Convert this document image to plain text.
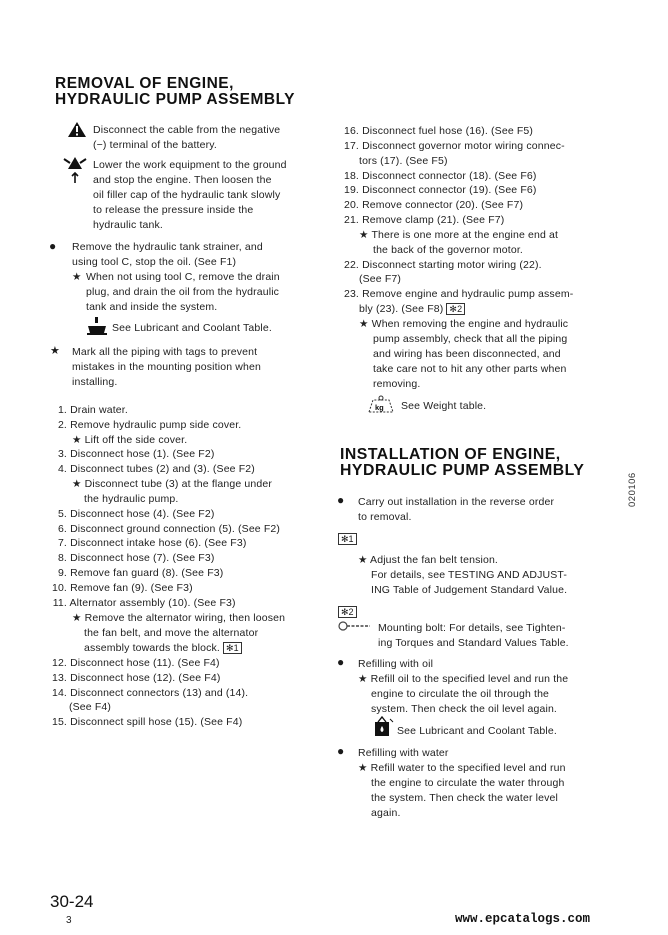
REMOVAL OF ENGINE,
HYDRAULIC PUMP ASSEMBLY
Disconnect the cable from the negative
(−) terminal of the battery.
Lower the work equipment to the ground
and stop the engine. Then loosen the
oil filler cap of the hydraulic tank slowly
to release the pressure inside the
hydraulic tank.
● Remove the hydraulic tank strainer, and
using tool C, stop the oil. (See F1)
★ When not using tool C, remove the drain
plug, and drain the oil from the hydraulic
tank and inside the system.
See Lubricant and Coolant Table.
★ Mark all the piping with tags to prevent
mistakes in the mounting position when
installing.
1. Drain water.
2. Remove hydraulic pump side cover.
★ Lift off the side cover.
3. Disconnect hose (1). (See F2)
4. Disconnect tubes (2) and (3). (See F2)
★ Disconnect tube (3) at the flange under
the hydraulic pump.
5. Disconnect hose (4). (See F2)
6. Disconnect ground connection (5). (See F2)
7. Disconnect intake hose (6). (See F3)
8. Disconnect hose (7). (See F3)
9. Remove fan guard (8). (See F3)
10. Remove fan (9). (See F3)
11. Alternator assembly (10). (See F3)
★ Remove the alternator wiring, then loosen
the fan belt, and move the alternator
assembly towards the block. ✻1
12. Disconnect hose (11). (See F4)
13. Disconnect hose (12). (See F4)
14. Disconnect connectors (13) and (14).
(See F4)
15. Disconnect spill hose (15). (See F4)
16. Disconnect fuel hose (16). (See F5)
17. Disconnect governor motor wiring connec-
tors (17). (See F5)
18. Disconnect connector (18). (See F6)
19. Disconnect connector (19). (See F6)
20. Remove connector (20). (See F7)
21. Remove clamp (21). (See F7)
★ There is one more at the engine end at
the back of the governor motor.
22. Disconnect starting motor wiring (22).
(See F7)
23. Remove engine and hydraulic pump assem-
bly (23). (See F8) ✻2
★ When removing the engine and hydraulic
pump assembly, check that all the piping
and wiring has been disconnected, and
take care not to hit any other parts when
removing.
kg See Weight table.
INSTALLATION OF ENGINE,
HYDRAULIC PUMP ASSEMBLY
● Carry out installation in the reverse order
to removal.
✻1
★ Adjust the fan belt tension.
For details, see TESTING AND ADJUST-
ING Table of Judgement Standard Value.
✻2
Mounting bolt: For details, see Tighten-
ing Torques and Standard Values Table.
● Refilling with oil
★ Refill oil to the specified level and run the
engine to circulate the oil through the
system. Then check the oil level again.
See Lubricant and Coolant Table.
● Refilling with water
★ Refill water to the specified level and run
the engine to circulate the water through
the system. Then check the water level
again.
020106
30-24
3	www.epcatalogs.com
